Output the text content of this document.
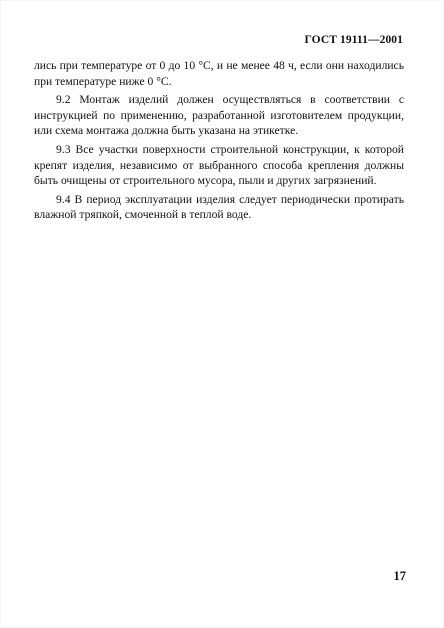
ГОСТ 19111—2001

лись при температуре от 0 до 10 °С, и не менее 48 ч, если они находились при температуре ниже 0 °С.

9.2 Монтаж изделий должен осуществляться в соответствии с инструкцией по применению, разработанной изготовителем продукции, или схема монтажа должна быть указана на этикетке.

9.3 Все участки поверхности строительной конструкции, к которой крепят изделия, независимо от выбранного способа крепления должны быть очищены от строительного мусора, пыли и других загрязнений.

9.4 В период эксплуатации изделия следует периодически протирать влажной тряпкой, смоченной в теплой воде.

17
